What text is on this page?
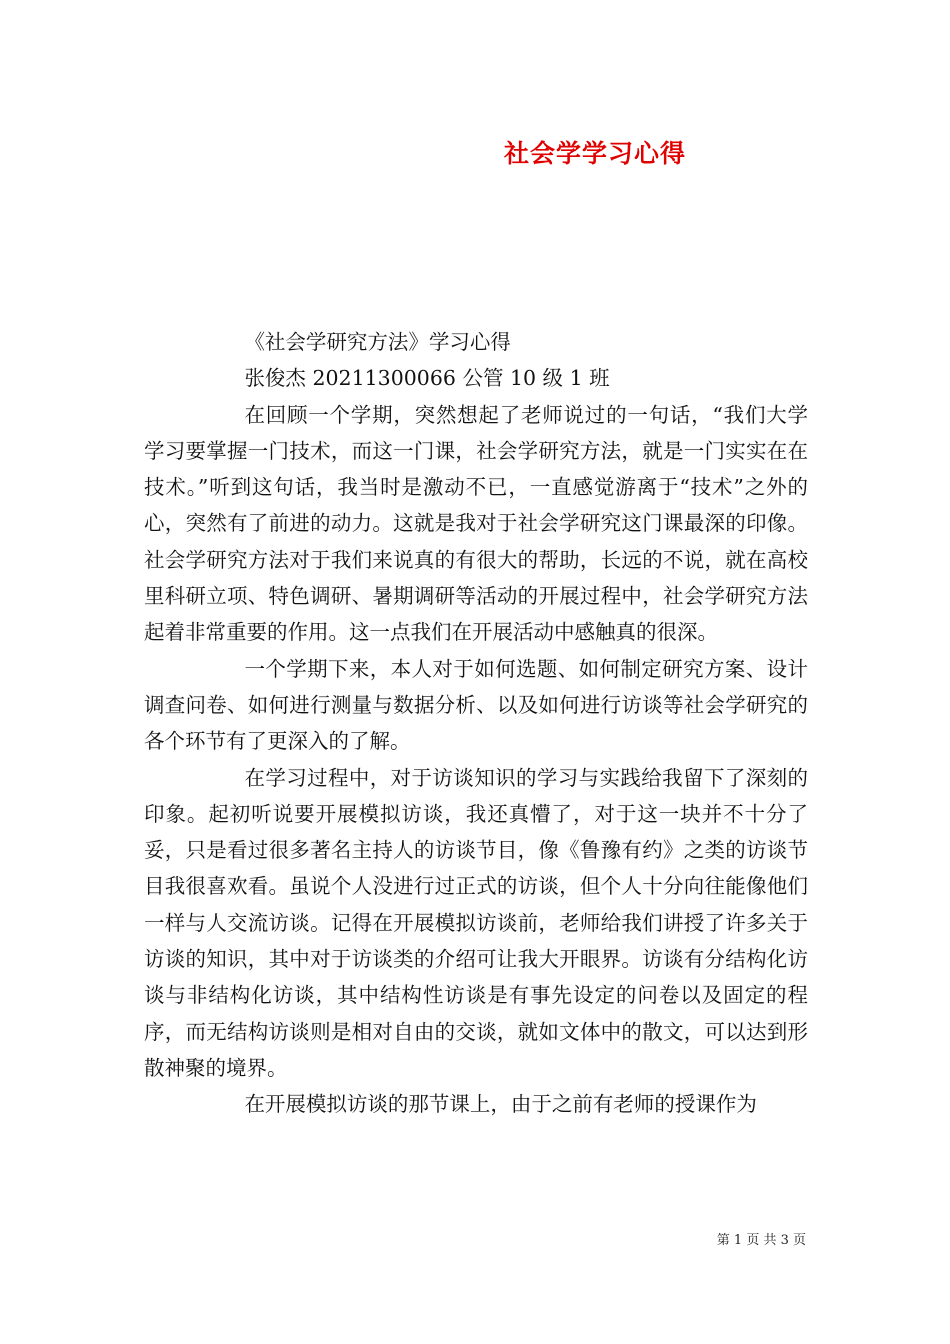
社会学学习心得

《社会学研究方法》学习心得

张俊杰 20211300066 公管 10 级 1 班

在回顾一个学期，突然想起了老师说过的一句话，“我们大学学习要掌握一门技术，而这一门课，社会学研究方法，就是一门实实在在技术。”听到这句话，我当时是激动不已，一直感觉游离于“技术”之外的心，突然有了前进的动力。这就是我对于社会学研究这门课最深的印像。社会学研究方法对于我们来说真的有很大的帮助，长远的不说，就在高校里科研立项、特色调研、暑期调研等活动的开展过程中，社会学研究方法起着非常重要的作用。这一点我们在开展活动中感触真的很深。

一个学期下来，本人对于如何选题、如何制定研究方案、设计调查问卷、如何进行测量与数据分析、以及如何进行访谈等社会学研究的各个环节有了更深入的了解。

在学习过程中，对于访谈知识的学习与实践给我留下了深刻的印象。起初听说要开展模拟访谈，我还真懵了，对于这一块并不十分了妥，只是看过很多著名主持人的访谈节目，像《鲁豫有约》之类的访谈节目我很喜欢看。虽说个人没进行过正式的访谈，但个人十分向往能像他们一样与人交流访谈。记得在开展模拟访谈前，老师给我们讲授了许多关于访谈的知识，其中对于访谈类的介绍可让我大开眼界。访谈有分结构化访谈与非结构化访谈，其中结构性访谈是有事先设定的问卷以及固定的程序，而无结构访谈则是相对自由的交谈，就如文体中的散文，可以达到形散神聚的境界。

在开展模拟访谈的那节课上，由于之前有老师的授课作为

第 1 页 共 3 页
